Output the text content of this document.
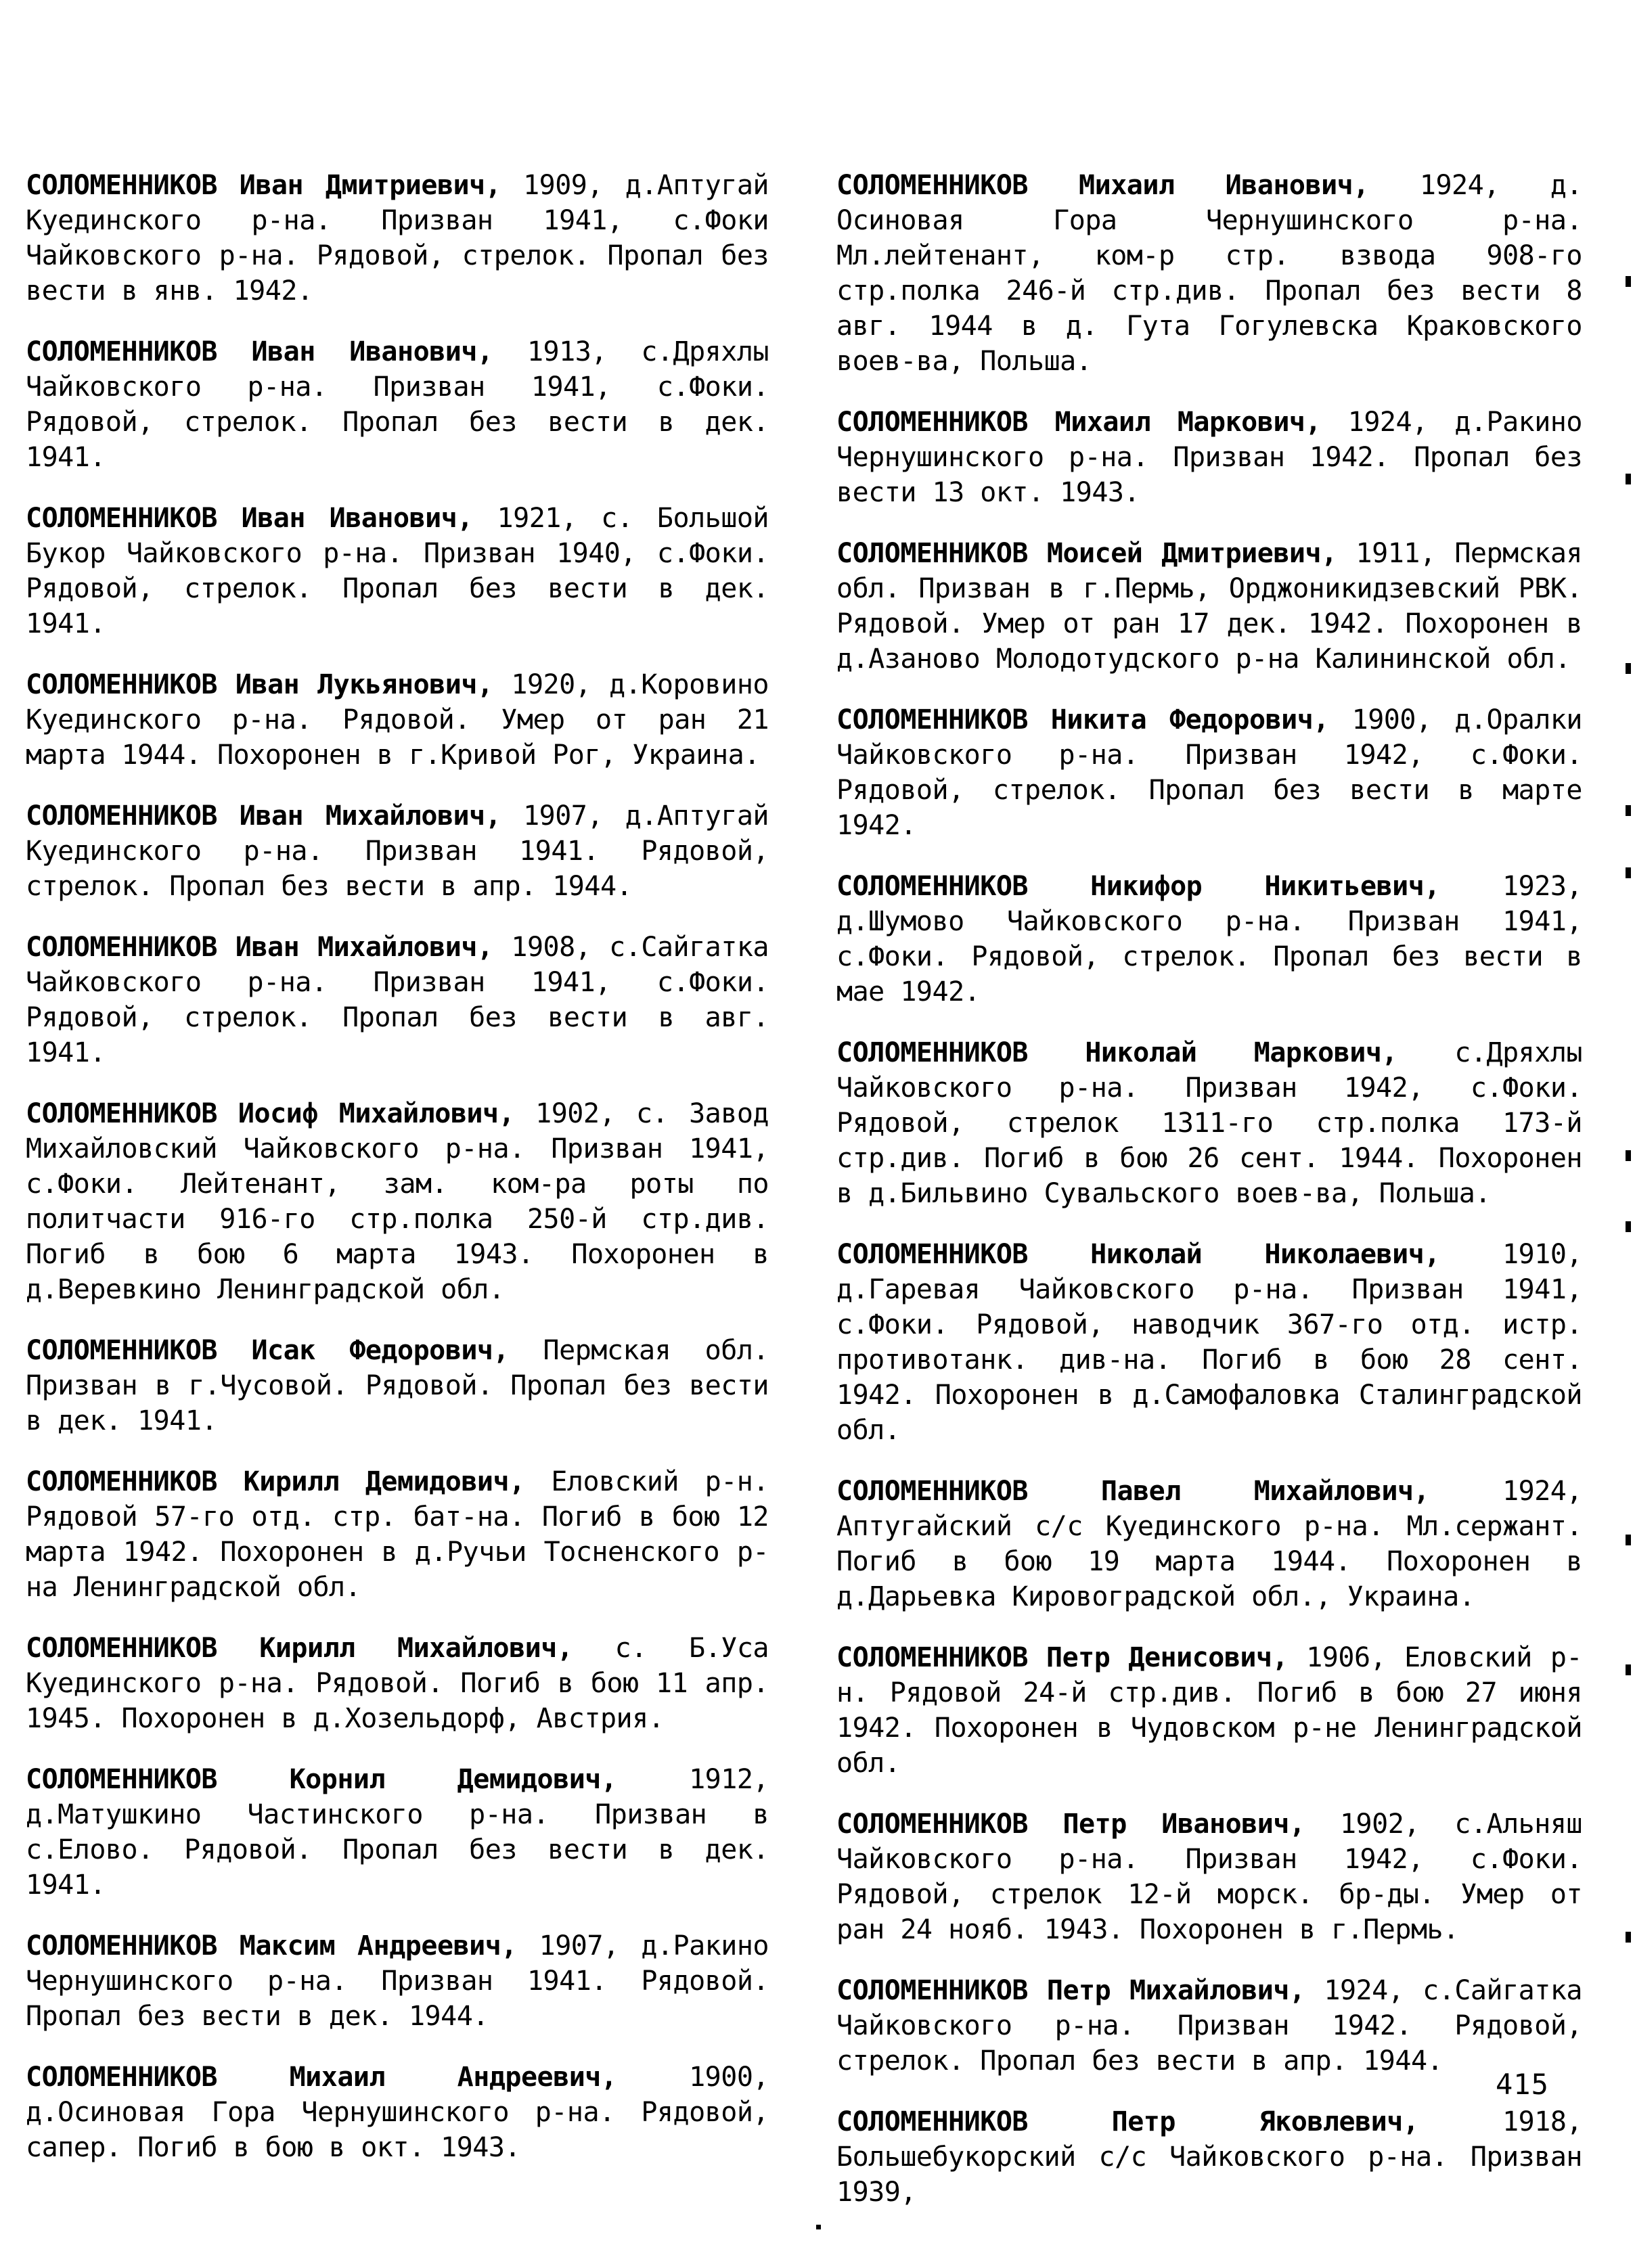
СОЛОМЕННИКОВ Иван Дмитриевич, 1909, д.Аптугай Куединского р-на. Призван 1941, с.Фоки Чайковского р-на. Рядовой, стрелок. Пропал без вести в янв. 1942.
СОЛОМЕННИКОВ Иван Иванович, 1913, с.Дряхлы Чайковского р-на. Призван 1941, с.Фоки. Рядовой, стрелок. Пропал без вести в дек. 1941.
СОЛОМЕННИКОВ Иван Иванович, 1921, с. Большой Букор Чайковского р-на. Призван 1940, с.Фоки. Рядовой, стрелок. Пропал без вести в дек. 1941.
СОЛОМЕННИКОВ Иван Лукьянович, 1920, д.Коровино Куединского р-на. Рядовой. Умер от ран 21 марта 1944. Похоронен в г.Кривой Рог, Украина.
СОЛОМЕННИКОВ Иван Михайлович, 1907, д.Аптугай Куединского р-на. Призван 1941. Рядовой, стрелок. Пропал без вести в апр. 1944.
СОЛОМЕННИКОВ Иван Михайлович, 1908, с.Сайгатка Чайковского р-на. Призван 1941, с.Фоки. Рядовой, стрелок. Пропал без вести в авг. 1941.
СОЛОМЕННИКОВ Иосиф Михайлович, 1902, с. Завод Михайловский Чайковского р-на. Призван 1941, с.Фоки. Лейтенант, зам. ком-ра роты по политчасти 916-го стр.полка 250-й стр.див. Погиб в бою 6 марта 1943. Похоронен в д.Веревкино Ленинградской обл.
СОЛОМЕННИКОВ Исак Федорович, Пермская обл. Призван в г.Чусовой. Рядовой. Пропал без вести в дек. 1941.
СОЛОМЕННИКОВ Кирилл Демидович, Еловский р-н. Рядовой 57-го отд. стр. бат-на. Погиб в бою 12 марта 1942. Похоронен в д.Ручьи Тосненского р-на Ленинградской обл.
СОЛОМЕННИКОВ Кирилл Михайлович, с. Б.Уса Куединского р-на. Рядовой. Погиб в бою 11 апр. 1945. Похоронен в д.Хозельдорф, Австрия.
СОЛОМЕННИКОВ Корнил Демидович,	1912, д.Матушкино Частинского р-на. Призван в с.Елово. Рядовой. Пропал без вести в дек. 1941.
СОЛОМЕННИКОВ Максим Андреевич, 1907, д.Ракино Чернушинского р-на. Призван 1941. Рядовой. Пропал без вести в дек. 1944.
СОЛОМЕННИКОВ Михаил Андреевич,	1900, д.Осиновая Гора Чернушинского р-на. Рядовой, сапер. Погиб в бою в окт. 1943.
СОЛОМЕННИКОВ Михаил Иванович, 1924, д. Осиновая Гора Чернушинского р-на. Мл.лейтенант, ком-р стр. взвода 908-го стр.полка 246-й стр.див. Пропал без вести 8 авг. 1944 в д. Гута Гогулевска Краковского воев-ва, Польша.
СОЛОМЕННИКОВ Михаил Маркович, 1924, д.Ракино Чернушинского р-на. Призван 1942. Пропал без вести 13 окт. 1943.
СОЛОМЕННИКОВ Моисей Дмитриевич, 1911, Пермская обл. Призван в г.Пермь, Орджоникидзевский РВК. Рядовой. Умер от ран 17 дек. 1942. Похоронен в д.Азаново Молодотудского р-на Калининской обл.
СОЛОМЕННИКОВ Никита Федорович, 1900, д.Оралки Чайковского р-на. Призван 1942, с.Фоки. Рядовой, стрелок. Пропал без вести в марте 1942.
СОЛОМЕННИКОВ Никифор Никитьевич, 1923, д.Шумово Чайковского р-на. Призван 1941, с.Фоки. Рядовой, стрелок. Пропал без вести в мае 1942.
СОЛОМЕННИКОВ Николай Маркович, с.Дряхлы Чайковского р-на. Призван 1942, с.Фоки. Рядовой, стрелок 1311-го стр.полка 173-й стр.див. Погиб в бою 26 сент. 1944. Похоронен в д.Бильвино Сувальского воев-ва, Польша.
СОЛОМЕННИКОВ Николай Николаевич, 1910, д.Гаревая Чайковского р-на. Призван 1941, с.Фоки. Рядовой, наводчик 367-го отд. истр. противотанк. див-на. Погиб в бою 28 сент. 1942. Похоронен в д.Самофаловка Сталинградской обл.
СОЛОМЕННИКОВ Павел Михайлович,	1924, Аптугайский с/с Куединского р-на. Мл.сержант. Погиб в бою 19 марта 1944. Похоронен в д.Дарьевка Кировоградской обл., Украина.
СОЛОМЕННИКОВ Петр Денисович, 1906, Еловский р-н. Рядовой 24-й стр.див. Погиб в бою 27 июня 1942. Похоронен в Чудовском р-не Ленинградской обл.
СОЛОМЕННИКОВ Петр Иванович, 1902, с.Альняш Чайковского р-на. Призван 1942, с.Фоки. Рядовой, стрелок 12-й морск. бр-ды. Умер от ран 24 нояб. 1943. Похоронен в г.Пермь.
СОЛОМЕННИКОВ Петр Михайлович, 1924, с.Сайгатка Чайковского р-на. Призван 1942. Рядовой, стрелок. Пропал без вести в апр. 1944.
СОЛОМЕННИКОВ Петр Яковлевич,	1918, Большебукорский с/с Чайковского р-на. Призван 1939,
415
